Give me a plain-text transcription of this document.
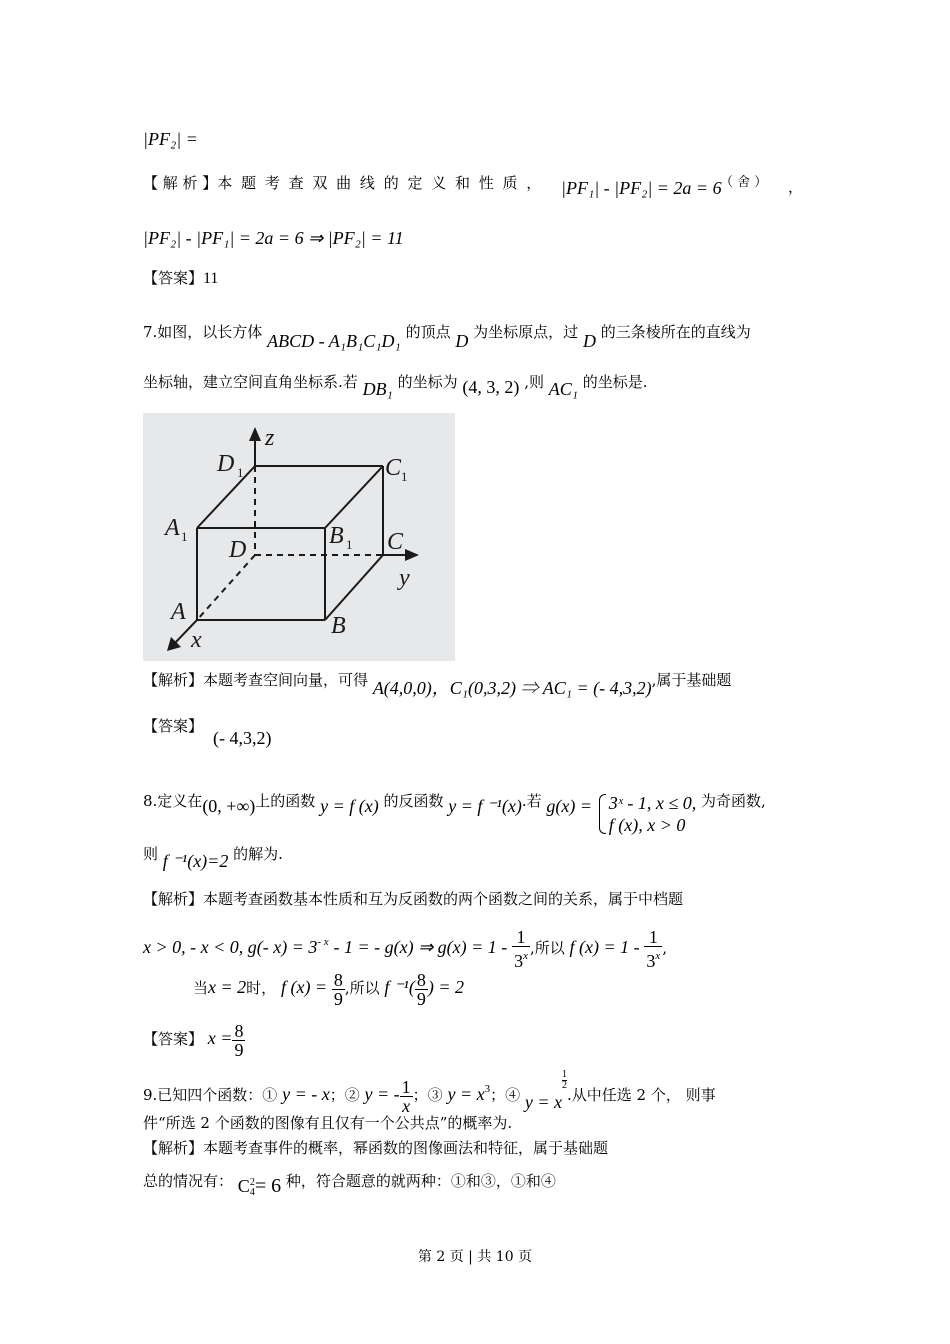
|PF₂| =
【 解 析 】本 题 考 查 双 曲 线 的 定 义 和 性 质 ， |PF₁| - |PF₂| = 2a = 6
（ 舍 ） ，
|PF₂| - |PF₁| = 2a = 6 ⇒ |PF₂| = 11
【答案】11
7.如图，以长方体 ABCD - A₁B₁C₁D₁ 的顶点 D 为坐标原点，过 D 的三条棱所在的直线为
坐标轴，建立空间直角坐标系.若 DB₁ 的坐标为 (4, 3, 2) ,则 AC₁ 的坐标是.
z
y
x
D	C
A	B
D	C
A
B
1	1
1
1
【解析】本题考查空间向量，可得 A(4,0,0)，C₁(0,3,2) ⇒ AC₁ = (- 4,3,2),属于基础题
【答案】
(- 4,3,2)
8.定义在(0, +∞)上的函数 y = f (x) 的反函数 y = f ⁻¹(x).若 g(x) = 3ˣ - 1, x ≤ 0,
f (x), x > 0
为奇函数,
则 f ⁻¹(x)=2 的解为.
【解析】本题考查函数基本性质和互为反函数的两个函数之间的关系，属于中档题
x > 0, - x < 0, g(- $x) = 3^{- x} - 1$ = - g(x) ⇒ $g(x) = 1 - \frac{1}{3^x}$ ,所以 f $(x) = 1 - \frac{1}{3^x}$ ,
当x = 2时， f $(x) = \frac{8}{9}$ ,所以 f $^{-1}( \frac{8}{9}$ ) = 2
【答案】 $x = \frac{8}{9}$
9.已知四个函数：① y = - x；② y = - $\frac{1}{x}$ ；③ $y = x^3$；④ y = x
$\frac{1}{2}$
.从中任选 2 个， 则事
件“所选 2 个函数的图像有且仅有一个公共点”的概率为.
【解析】本题考查事件的概率，幂函数的图像画法和特征，属于基础题
总的情况有： C 2
4 = 6 种，符合题意的就两种：①和③，①和④
第 2 页 | 共 10 页
